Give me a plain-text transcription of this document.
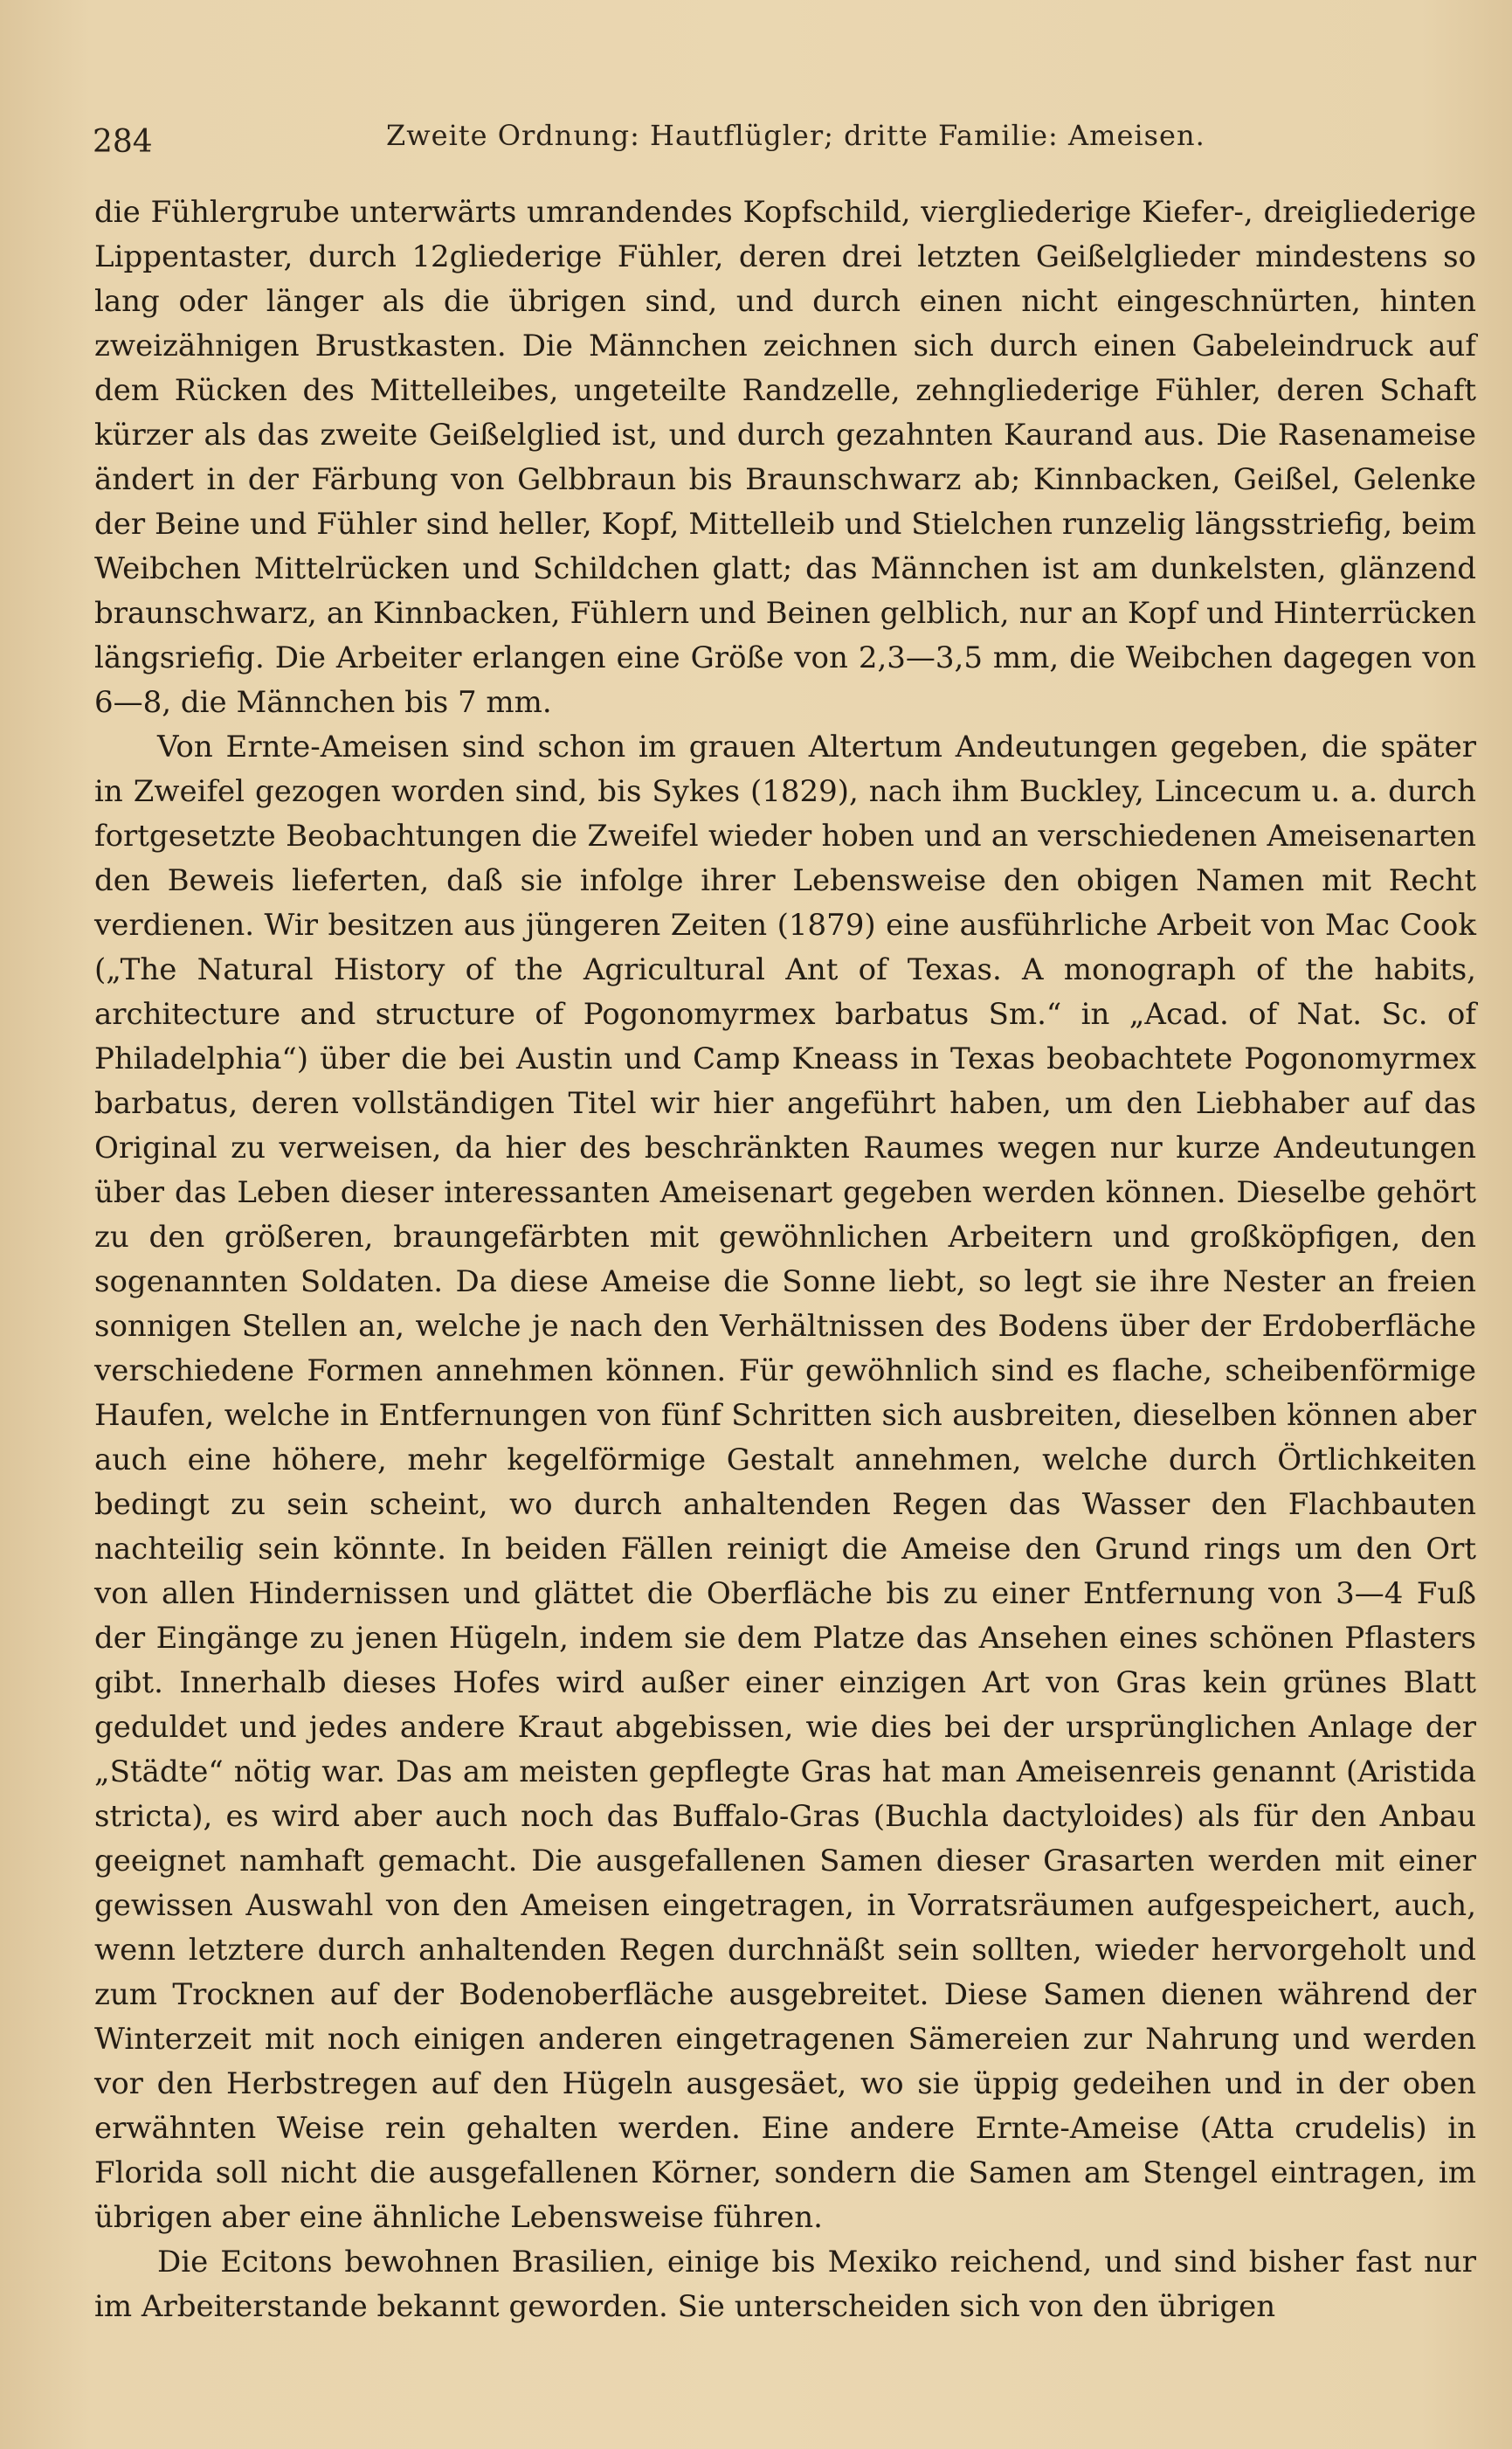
284	Zweite Ordnung: Hautflügler; dritte Familie: Ameisen.

die Fühlergrube unterwärts umrandendes Kopfschild, viergliederige Kiefer-, dreigliederige Lippentaster, durch 12gliederige Fühler, deren drei letzten Geißelglieder mindestens so lang oder länger als die übrigen sind, und durch einen nicht eingeschnürten, hinten zweizähnigen Brustkasten. Die Männchen zeichnen sich durch einen Gabeleindruck auf dem Rücken des Mittelleibes, ungeteilte Randzelle, zehngliederige Fühler, deren Schaft kürzer als das zweite Geißelglied ist, und durch gezahnten Kaurand aus. Die Rasenameise ändert in der Färbung von Gelbbraun bis Braunschwarz ab; Kinnbacken, Geißel, Gelenke der Beine und Fühler sind heller, Kopf, Mittelleib und Stielchen runzelig längsstriefig, beim Weibchen Mittelrücken und Schildchen glatt; das Männchen ist am dunkelsten, glänzend braunschwarz, an Kinnbacken, Fühlern und Beinen gelblich, nur an Kopf und Hinterrücken längsriefig. Die Arbeiter erlangen eine Größe von 2,3—3,5 mm, die Weibchen dagegen von 6—8, die Männchen bis 7 mm.

Von Ernte-Ameisen sind schon im grauen Altertum Andeutungen gegeben, die später in Zweifel gezogen worden sind, bis Sykes (1829), nach ihm Buckley, Lincecum u. a. durch fortgesetzte Beobachtungen die Zweifel wieder hoben und an verschiedenen Ameisenarten den Beweis lieferten, daß sie infolge ihrer Lebensweise den obigen Namen mit Recht verdienen. Wir besitzen aus jüngeren Zeiten (1879) eine ausführliche Arbeit von Mac Cook („The Natural History of the Agricultural Ant of Texas. A monograph of the habits, architecture and structure of Pogonomyrmex barbatus Sm.“ in „Acad. of Nat. Sc. of Philadelphia“) über die bei Austin und Camp Kneass in Texas beobachtete Pogonomyrmex barbatus, deren vollständigen Titel wir hier angeführt haben, um den Liebhaber auf das Original zu verweisen, da hier des beschränkten Raumes wegen nur kurze Andeutungen über das Leben dieser interessanten Ameisenart gegeben werden können. Dieselbe gehört zu den größeren, braungefärbten mit gewöhnlichen Arbeitern und großköpfigen, den sogenannten Soldaten. Da diese Ameise die Sonne liebt, so legt sie ihre Nester an freien sonnigen Stellen an, welche je nach den Verhältnissen des Bodens über der Erdoberfläche verschiedene Formen annehmen können. Für gewöhnlich sind es flache, scheibenförmige Haufen, welche in Entfernungen von fünf Schritten sich ausbreiten, dieselben können aber auch eine höhere, mehr kegelförmige Gestalt annehmen, welche durch Örtlichkeiten bedingt zu sein scheint, wo durch anhaltenden Regen das Wasser den Flachbauten nachteilig sein könnte. In beiden Fällen reinigt die Ameise den Grund rings um den Ort von allen Hindernissen und glättet die Oberfläche bis zu einer Entfernung von 3—4 Fuß der Eingänge zu jenen Hügeln, indem sie dem Platze das Ansehen eines schönen Pflasters gibt. Innerhalb dieses Hofes wird außer einer einzigen Art von Gras kein grünes Blatt geduldet und jedes andere Kraut abgebissen, wie dies bei der ursprünglichen Anlage der „Städte“ nötig war. Das am meisten gepflegte Gras hat man Ameisenreis genannt (Aristida stricta), es wird aber auch noch das Buffalo-Gras (Buchla dactyloides) als für den Anbau geeignet namhaft gemacht. Die ausgefallenen Samen dieser Grasarten werden mit einer gewissen Auswahl von den Ameisen eingetragen, in Vorratsräumen aufgespeichert, auch, wenn letztere durch anhaltenden Regen durchnäßt sein sollten, wieder hervorgeholt und zum Trocknen auf der Bodenoberfläche ausgebreitet. Diese Samen dienen während der Winterzeit mit noch einigen anderen eingetragenen Sämereien zur Nahrung und werden vor den Herbstregen auf den Hügeln ausgesäet, wo sie üppig gedeihen und in der oben erwähnten Weise rein gehalten werden. Eine andere Ernte-Ameise (Atta crudelis) in Florida soll nicht die ausgefallenen Körner, sondern die Samen am Stengel eintragen, im übrigen aber eine ähnliche Lebensweise führen.

Die Ecitons bewohnen Brasilien, einige bis Mexiko reichend, und sind bisher fast nur im Arbeiterstande bekannt geworden. Sie unterscheiden sich von den übrigen
